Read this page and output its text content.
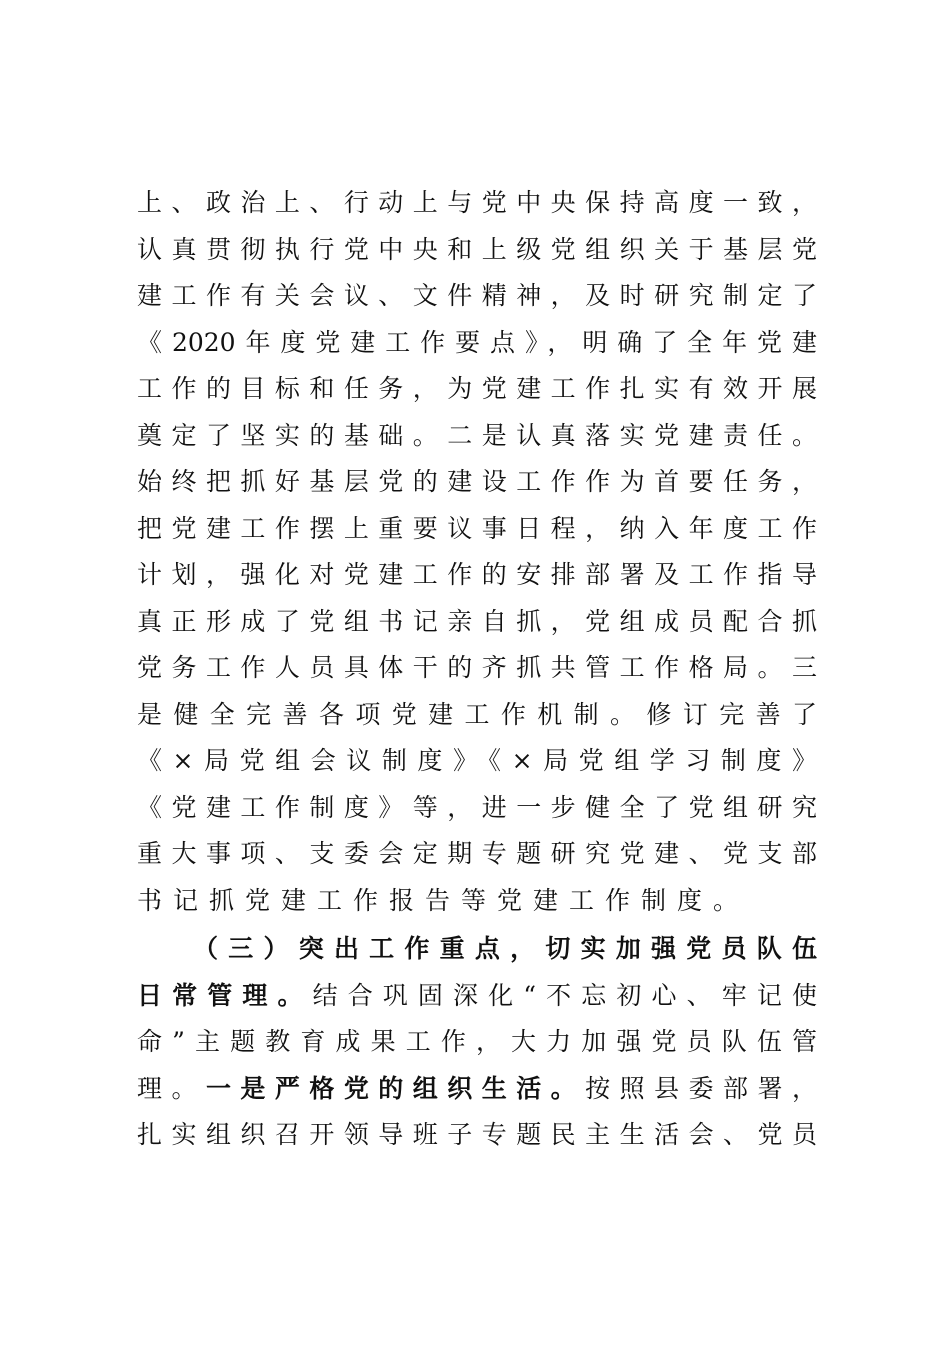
上、政治上、行动上与党中央保持高度一致，
认真贯彻执行党中央和上级党组织关于基层党
建工作有关会议、文件精神，及时研究制定了
《2020年度党建工作要点》，明确了全年党建
工作的目标和任务，为党建工作扎实有效开展
奠定了坚实的基础。二是认真落实党建责任。
始终把抓好基层党的建设工作作为首要任务，
把党建工作摆上重要议事日程，纳入年度工作
计划，强化对党建工作的安排部署及工作指导
真正形成了党组书记亲自抓，党组成员配合抓
党务工作人员具体干的齐抓共管工作格局。三
是健全完善各项党建工作机制。修订完善了
《×局党组会议制度》《×局党组学习制度》
《党建工作制度》等，进一步健全了党组研究
重大事项、支委会定期专题研究党建、党支部
书记抓党建工作报告等党建工作制度。
（三）突出工作重点，切实加强党员队伍
日常管理。结合巩固深化“不忘初心、牢记使
命”主题教育成果工作，大力加强党员队伍管
理。一是严格党的组织生活。按照县委部署，
扎实组织召开领导班子专题民主生活会、党员
